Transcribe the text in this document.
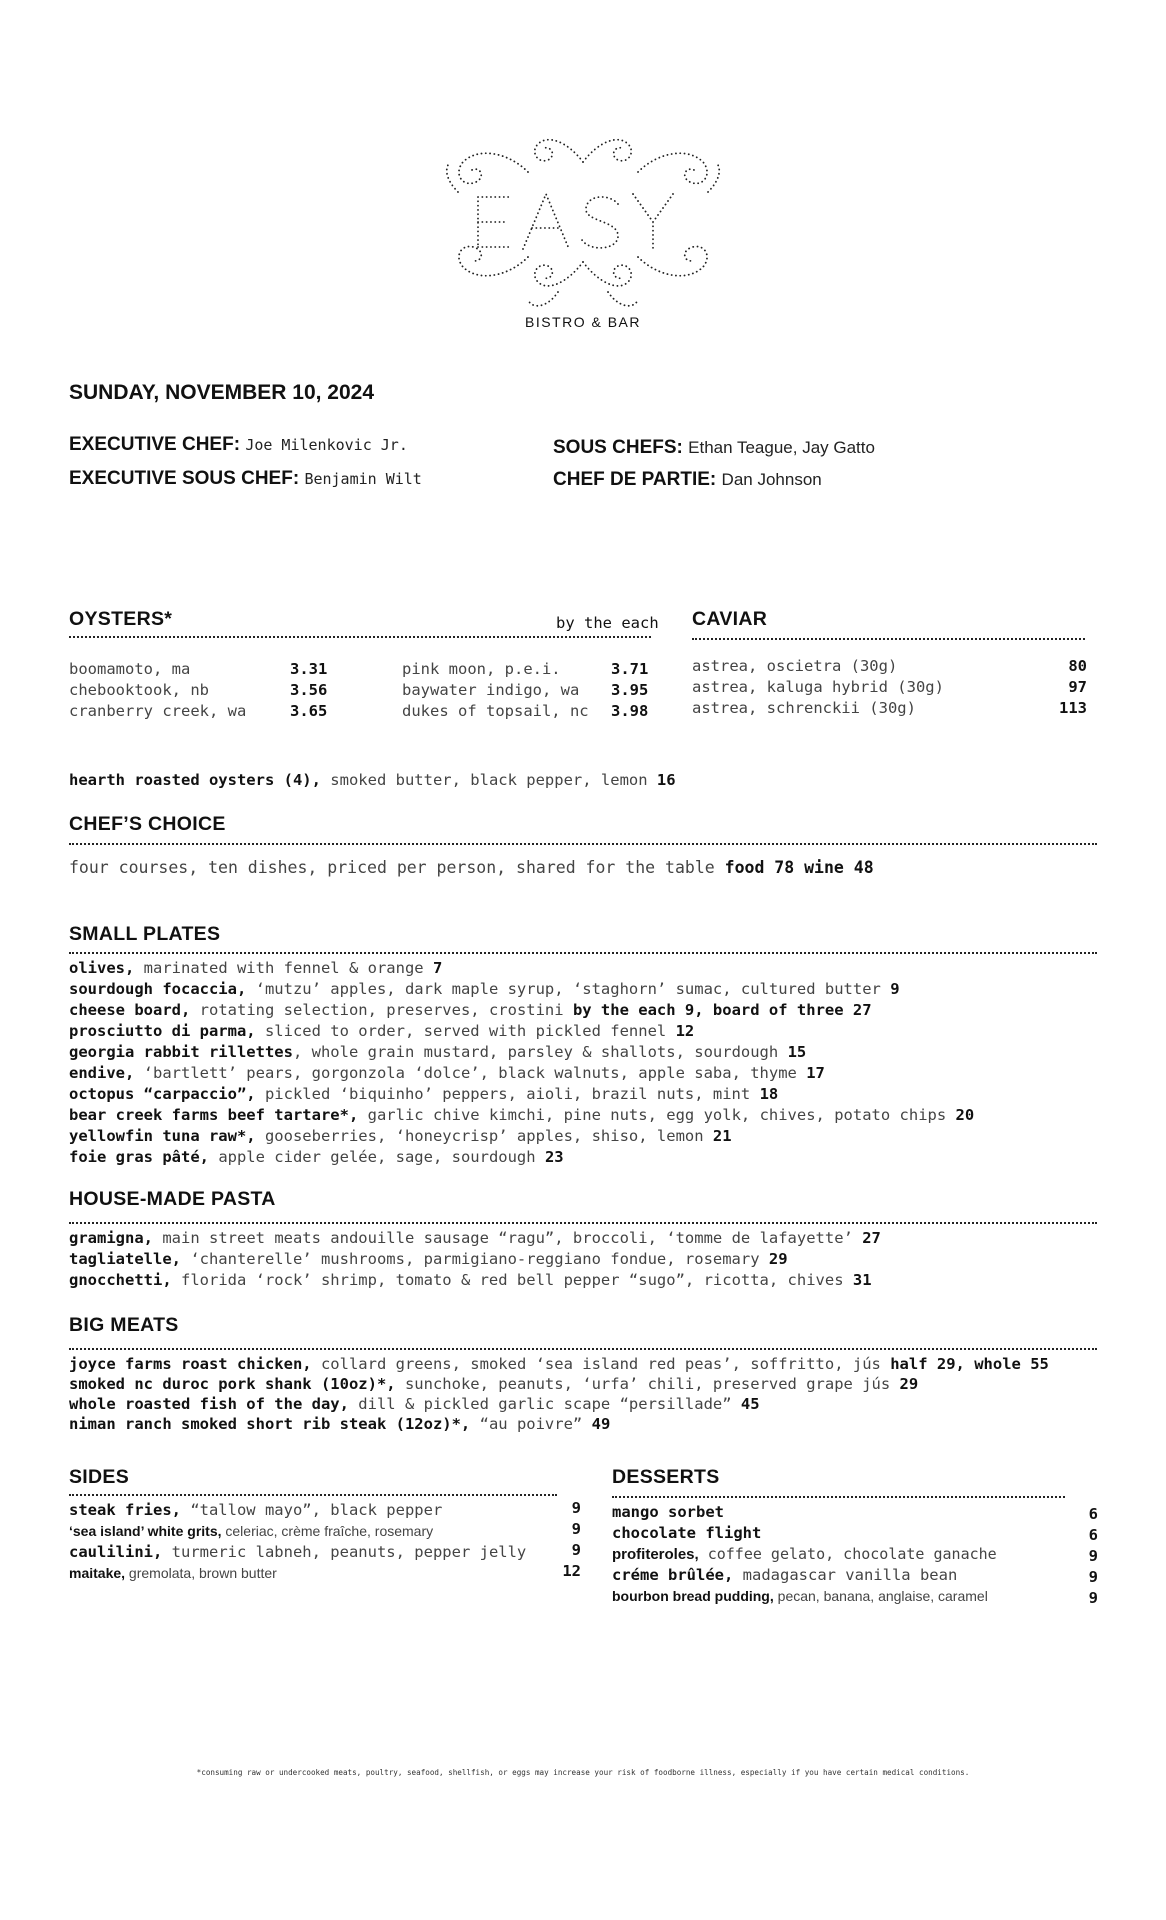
BISTRO & BAR
SUNDAY, NOVEMBER 10, 2024
EXECUTIVE CHEF: Joe Milenkovic Jr.
EXECUTIVE SOUS CHEF: Benjamin Wilt
SOUS CHEFS: Ethan Teague, Jay Gatto
CHEF DE PARTIE: Dan Johnson
OYSTERS*	by the each
boomamoto, ma
chebooktook, nb
cranberry creek, wa
3.31
3.56
3.65
pink moon, p.e.i.
baywater indigo, wa
dukes of topsail, nc
3.71
3.95
3.98
CAVIAR
astrea, oscietra (30g)
astrea, kaluga hybrid (30g)
astrea, schrenckii (30g)
80
97
113
hearth roasted oysters (4), smoked butter, black pepper, lemon 16
CHEF’S CHOICE
four courses, ten dishes, priced per person, shared for the table food 78 wine 48
SMALL PLATES
olives, marinated with fennel & orange 7
sourdough focaccia, ‘mutzu’ apples, dark maple syrup, ‘staghorn’ sumac, cultured butter 9
cheese board, rotating selection, preserves, crostini by the each 9, board of three 27
prosciutto di parma, sliced to order, served with pickled fennel 12
georgia rabbit rillettes, whole grain mustard, parsley & shallots, sourdough 15
endive, ‘bartlett’ pears, gorgonzola ‘dolce’, black walnuts, apple saba, thyme 17
octopus “carpaccio”, pickled ‘biquinho’ peppers, aioli, brazil nuts, mint 18
bear creek farms beef tartare*, garlic chive kimchi, pine nuts, egg yolk, chives, potato chips 20
yellowfin tuna raw*, gooseberries, ‘honeycrisp’ apples, shiso, lemon 21
foie gras pâté, apple cider gelée, sage, sourdough 23
HOUSE-MADE PASTA
gramigna, main street meats andouille sausage “ragu”, broccoli, ‘tomme de lafayette’ 27
tagliatelle, ‘chanterelle’ mushrooms, parmigiano-reggiano fondue, rosemary 29
gnocchetti, florida ‘rock’ shrimp, tomato & red bell pepper “sugo”, ricotta, chives 31
BIG MEATS
joyce farms roast chicken, collard greens, smoked ‘sea island red peas’, soffritto, jús half 29, whole 55
smoked nc duroc pork shank (10oz)*, sunchoke, peanuts, ‘urfa’ chili, preserved grape jús 29
whole roasted fish of the day, dill & pickled garlic scape “persillade” 45
niman ranch smoked short rib steak (12oz)*, “au poivre” 49
SIDES
steak fries, “tallow mayo”, black pepper
‘sea island’ white grits, celeriac, crème fraîche, rosemary
caulilini, turmeric labneh, peanuts, pepper jelly
maitake, gremolata, brown butter
9
9
9
12
DESSERTS
mango sorbet
chocolate flight
profiteroles, coffee gelato, chocolate ganache
créme brûlée, madagascar vanilla bean
bourbon bread pudding, pecan, banana, anglaise, caramel
6
6
9
9
9
*consuming raw or undercooked meats, poultry, seafood, shellfish, or eggs may increase your risk of foodborne illness, especially if you have certain medical conditions.
